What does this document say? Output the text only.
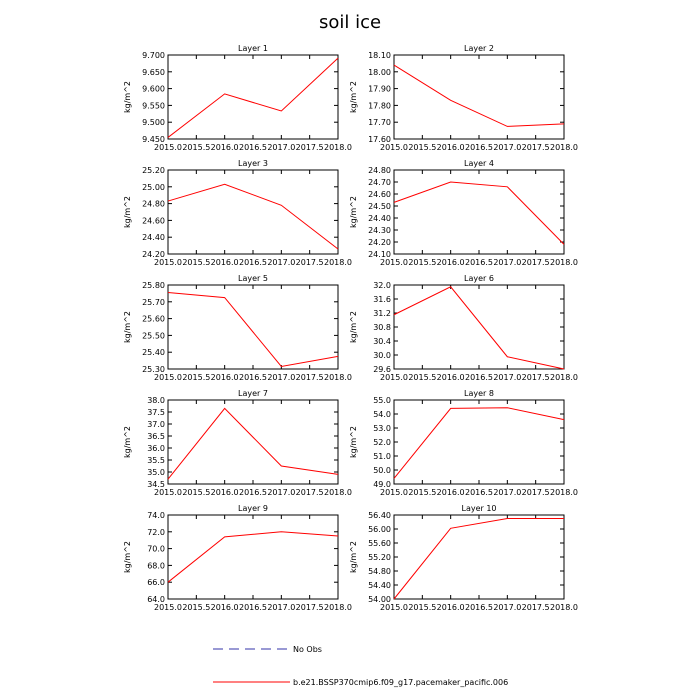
soil ice
Layer 1
2015.0 2015.5 2016.0 2016.5 2017.0 2017.5 2018.0
9.450
9.500
9.550
9.600
9.650
9.700
kg/m^2
Layer 2
2015.0 2015.5 2016.0 2016.5 2017.0 2017.5 2018.0
17.60
17.70
17.80
17.90
18.00
18.10
kg/m^2
Layer 3
2015.0 2015.5 2016.0 2016.5 2017.0 2017.5 2018.0
24.20
24.40
24.60
24.80
25.00
25.20
kg/m^2
Layer 4
2015.0 2015.5 2016.0 2016.5 2017.0 2017.5 2018.0
24.10
24.20
24.30
24.40
24.50
24.60
24.70
24.80
kg/m^2
Layer 5
2015.0 2015.5 2016.0 2016.5 2017.0 2017.5 2018.0
25.30
25.40
25.50
25.60
25.70
25.80
kg/m^2
Layer 6
2015.0 2015.5 2016.0 2016.5 2017.0 2017.5 2018.0
29.6
30.0
30.4
30.8
31.2
31.6
32.0
kg/m^2
Layer 7
2015.0 2015.5 2016.0 2016.5 2017.0 2017.5 2018.0
34.5
35.0
35.5
36.0
36.5
37.0
37.5
38.0
kg/m^2
Layer 8
2015.0 2015.5 2016.0 2016.5 2017.0 2017.5 2018.0
49.0
50.0
51.0
52.0
53.0
54.0
55.0
kg/m^2
Layer 9
2015.0 2015.5 2016.0 2016.5 2017.0 2017.5 2018.0
64.0
66.0
68.0
70.0
72.0
74.0
kg/m^2
Layer 10
2015.0 2015.5 2016.0 2016.5 2017.0 2017.5 2018.0
54.00
54.40
54.80
55.20
55.60
56.00
56.40
kg/m^2
No Obs
b.e21.BSSP370cmip6.f09_g17.pacemaker_pacific.006
